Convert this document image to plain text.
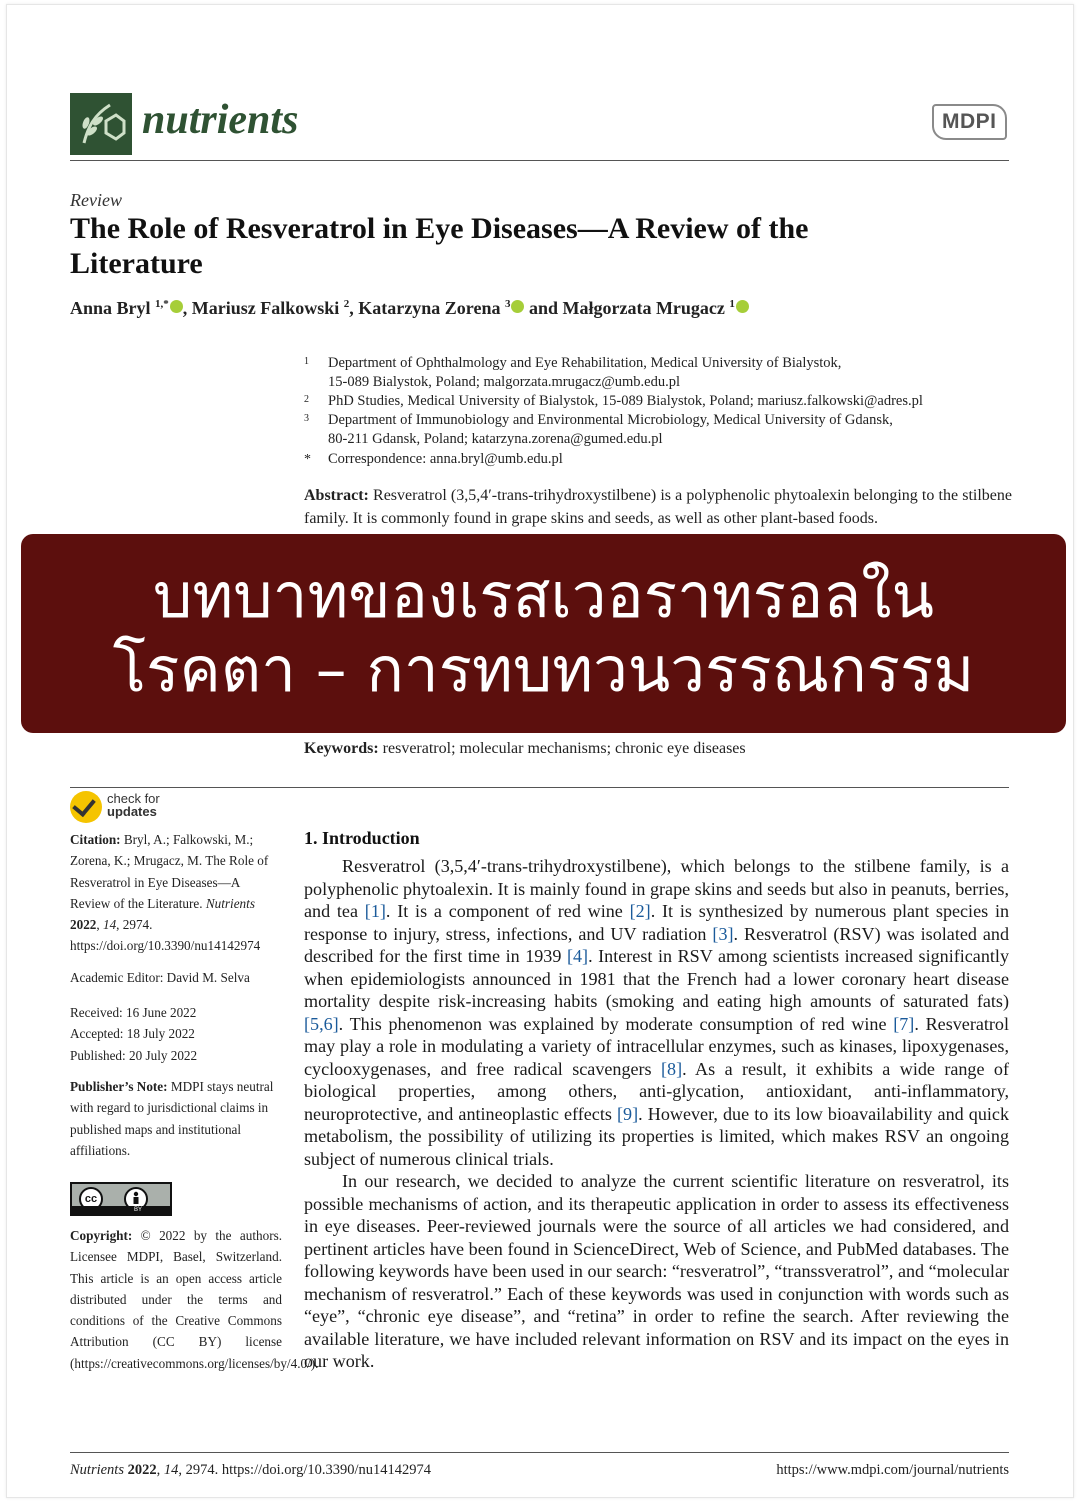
nutrients	MDPI
Review
The Role of Resveratrol in Eye Diseases—A Review of the Literature
Anna Bryl $^{1,*}$ , Mariusz Falkowski $^2$, Katarzyna Zorena $^3$ and Małgorzata Mrugacz $^1$
1 Department of Ophthalmology and Eye Rehabilitation, Medical University of Bialystok,
15-089 Bialystok, Poland; malgorzata.mrugacz@umb.edu.pl
2 PhD Studies, Medical University of Bialystok, 15-089 Bialystok, Poland; mariusz.falkowski@adres.pl
3 Department of Immunobiology and Environmental Microbiology, Medical University of Gdansk,
80-211 Gdansk, Poland; katarzyna.zorena@gumed.edu.pl
* Correspondence: anna.bryl@umb.edu.pl
Abstract: Resveratrol (3,5,4′-trans-trihydroxystilbene) is a polyphenolic phytoalexin belonging to the stilbene family. It is commonly found in grape skins and seeds, as well as other plant-based foods.
บทบาทของเรสเวอราทรอลใน
โรคตา – การทบทวนวรรณกรรม
Keywords: resveratrol; molecular mechanisms; chronic eye diseases
check for
updates
Citation: Bryl, A.; Falkowski, M.; Zorena, K.; Mrugacz, M. The Role of Resveratrol in Eye Diseases—A Review of the Literature. Nutrients 2022, 14, 2974. https://doi.org/10.3390/nu14142974
Academic Editor: David M. Selva
Received: 16 June 2022
Accepted: 18 July 2022
Published: 20 July 2022
Publisher’s Note: MDPI stays neutral with regard to jurisdictional claims in published maps and institutional affiliations.
cc
BY
Copyright: © 2022 by the authors. Licensee MDPI, Basel, Switzerland. This article is an open access article distributed under the terms and conditions of the Creative Commons Attribution (CC BY) license (https://creativecommons.org/licenses/by/4.0/).
1. Introduction

Resveratrol (3,5,4′-trans-trihydroxystilbene), which belongs to the stilbene family, is a polyphenolic phytoalexin. It is mainly found in grape skins and seeds but also in peanuts, berries, and tea [1]. It is a component of red wine [2]. It is synthesized by numerous plant species in response to injury, stress, infections, and UV radiation [3]. Resveratrol (RSV) was isolated and described for the first time in 1939 [4]. Interest in RSV among scientists increased significantly when epidemiologists announced in 1981 that the French had a lower coronary heart disease mortality despite risk-increasing habits (smoking and eating high amounts of saturated fats) [5,6]. This phenomenon was explained by moderate consumption of red wine [7]. Resveratrol may play a role in modulating a variety of intracellular enzymes, such as kinases, lipoxygenases, cyclooxygenases, and free radical scavengers [8]. As a result, it exhibits a wide range of biological properties, among others, anti-glycation, antioxidant, anti-inflammatory, neuroprotective, and antineoplastic effects [9]. However, due to its low bioavailability and quick metabolism, the possibility of utilizing its properties is limited, which makes RSV an ongoing subject of numerous clinical trials.

In our research, we decided to analyze the current scientific literature on resveratrol, its possible mechanisms of action, and its therapeutic application in order to assess its effectiveness in eye diseases. Peer-reviewed journals were the source of all articles we had considered, and pertinent articles have been found in ScienceDirect, Web of Science, and PubMed databases. The following keywords have been used in our search: “resveratrol”, “transsveratrol”, and “molecular mechanism of resveratrol.” Each of these keywords was used in conjunction with words such as “eye”, “chronic eye disease”, and “retina” in order to refine the search. After reviewing the available literature, we have included relevant information on RSV and its impact on the eyes in our work.

Nutrients 2022, 14, 2974. https://doi.org/10.3390/nu14142974	https://www.mdpi.com/journal/nutrients
